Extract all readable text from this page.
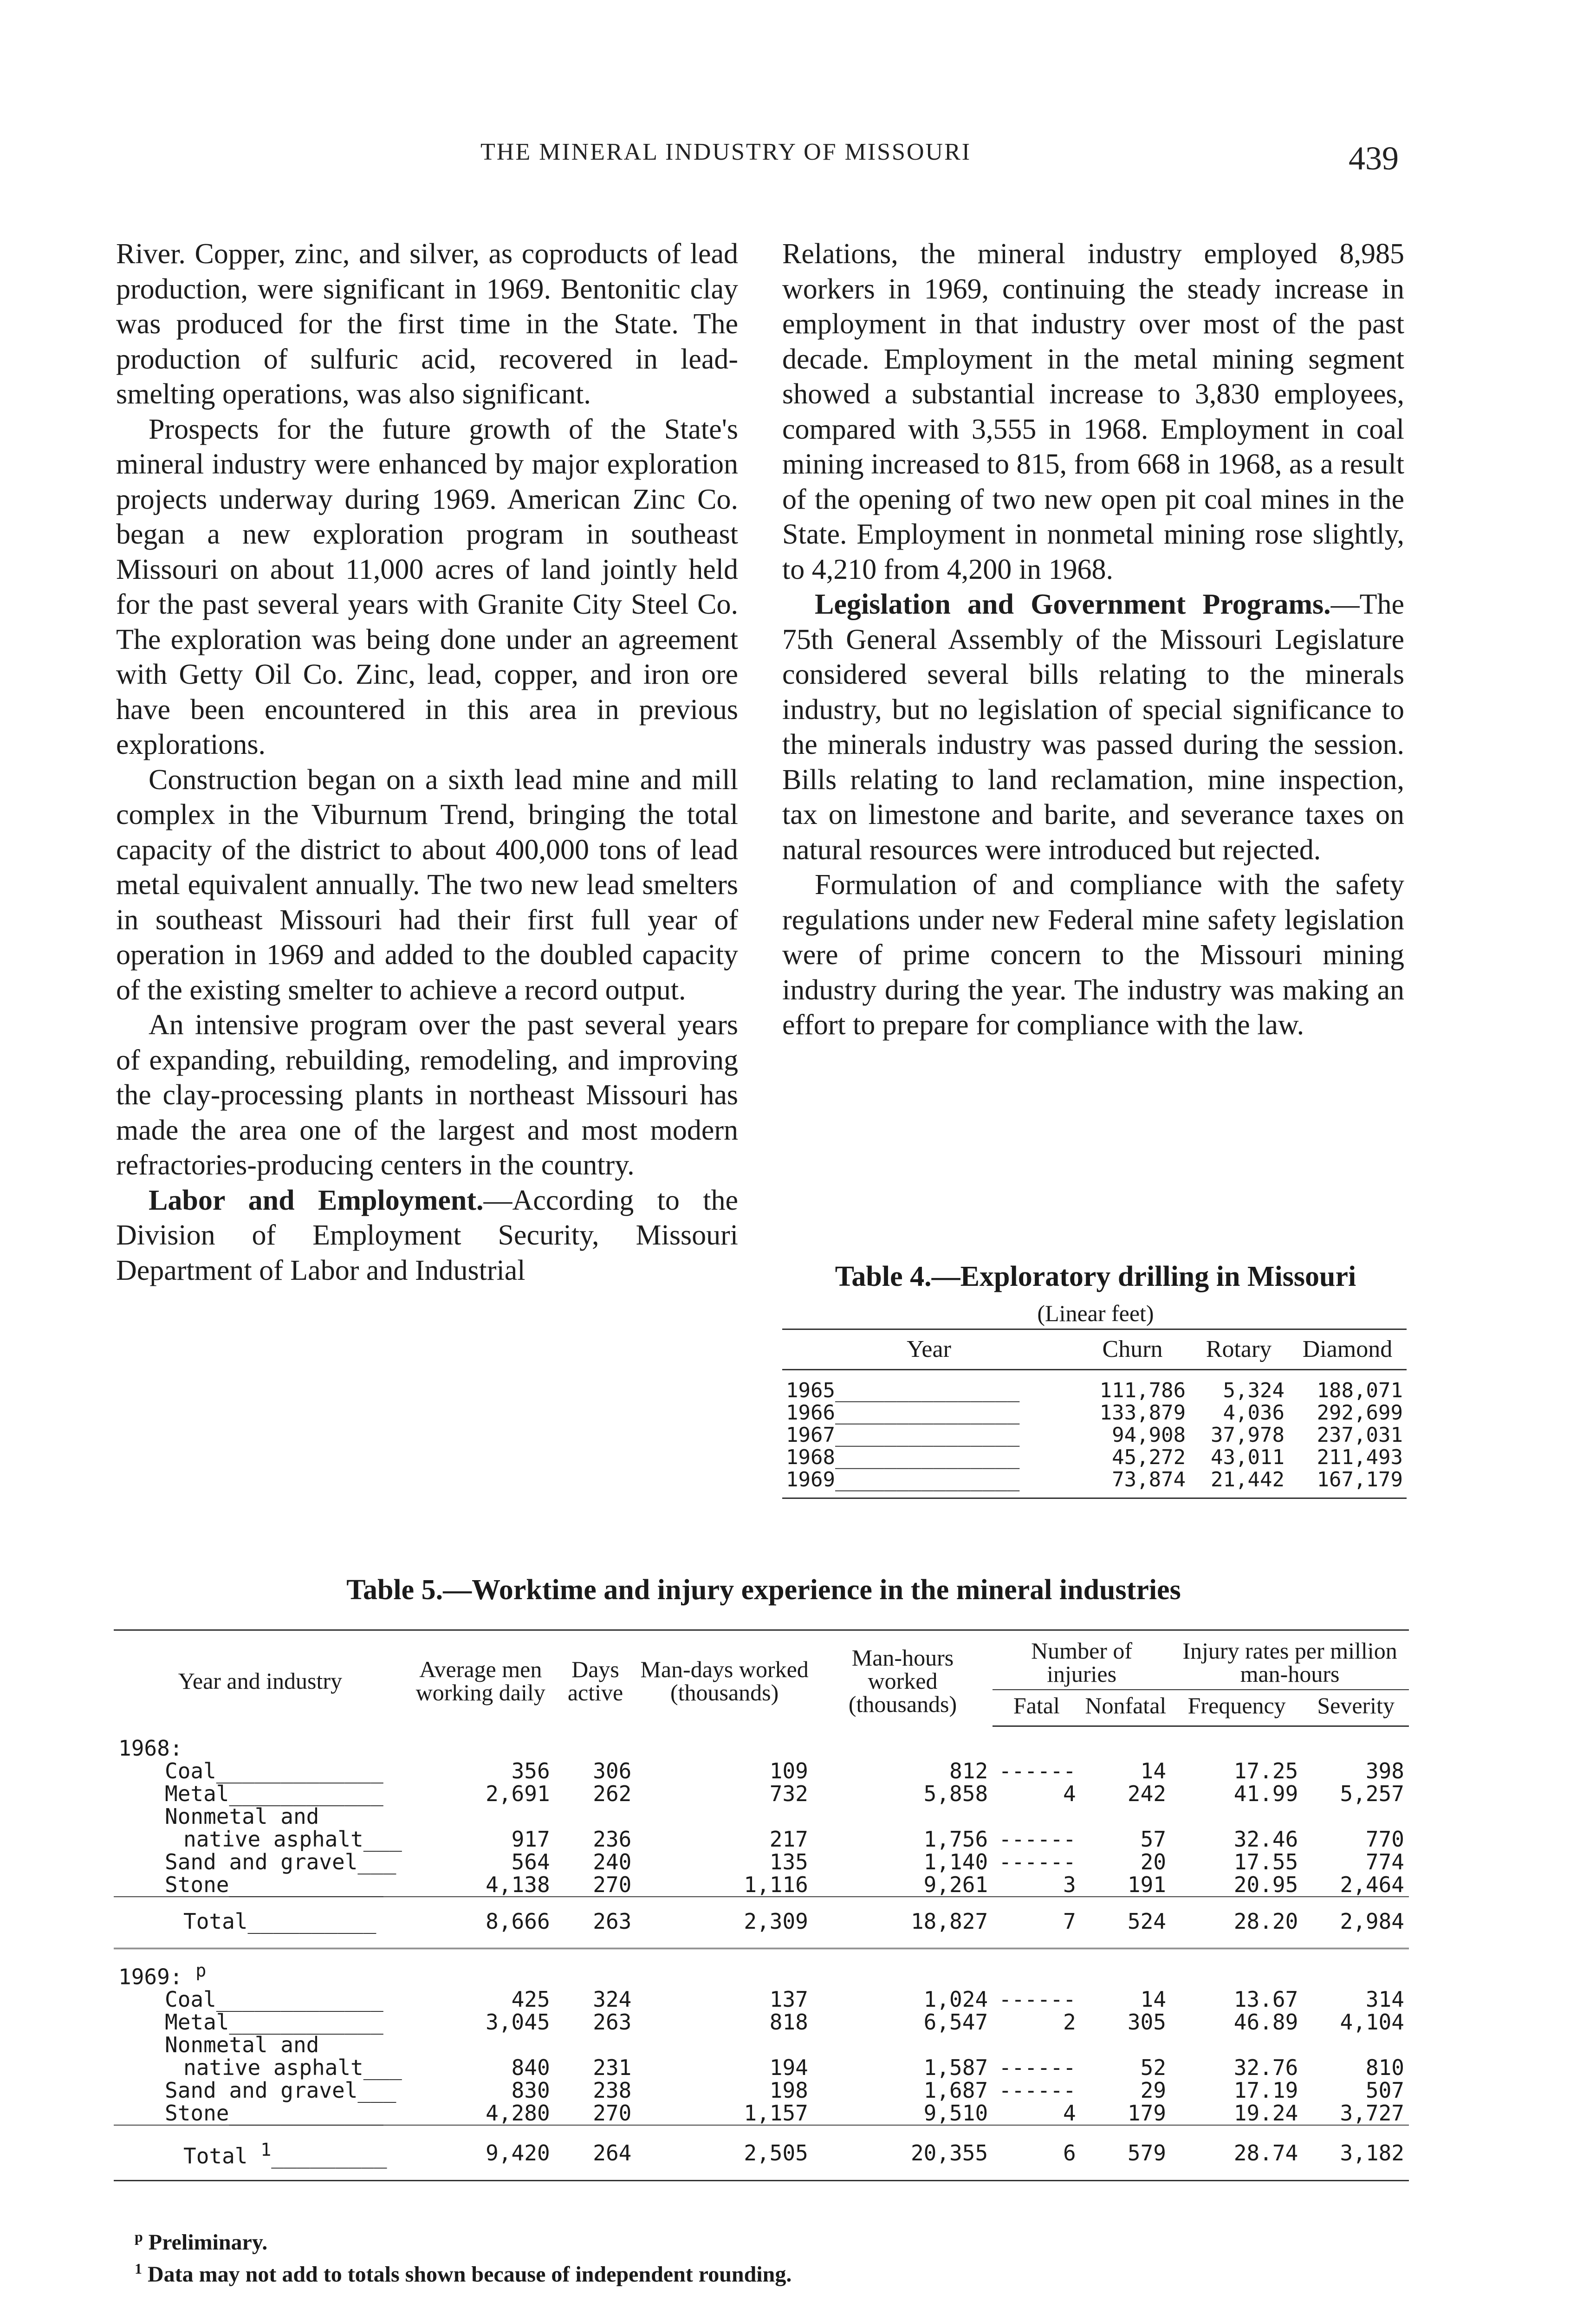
THE MINERAL INDUSTRY OF MISSOURI	439

River. Copper, zinc, and silver, as coproducts of lead production, were significant in 1969. Bentonitic clay was produced for the first time in the State. The production of sulfuric acid, recovered in lead-smelting operations, was also significant.

Prospects for the future growth of the State's mineral industry were enhanced by major exploration projects underway during 1969. American Zinc Co. began a new exploration program in southeast Missouri on about 11,000 acres of land jointly held for the past several years with Granite City Steel Co. The exploration was being done under an agreement with Getty Oil Co. Zinc, lead, copper, and iron ore have been encountered in this area in previous explorations.

Construction began on a sixth lead mine and mill complex in the Viburnum Trend, bringing the total capacity of the district to about 400,000 tons of lead metal equivalent annually. The two new lead smelters in southeast Missouri had their first full year of operation in 1969 and added to the doubled capacity of the existing smelter to achieve a record output.

An intensive program over the past several years of expanding, rebuilding, remodeling, and improving the clay-processing plants in northeast Missouri has made the area one of the largest and most modern refractories-producing centers in the country.

Labor and Employment.—According to the Division of Employment Security, Missouri Department of Labor and Industrial

Relations, the mineral industry employed 8,985 workers in 1969, continuing the steady increase in employment in that industry over most of the past decade. Employment in the metal mining segment showed a substantial increase to 3,830 employees, compared with 3,555 in 1968. Employment in coal mining increased to 815, from 668 in 1968, as a result of the opening of two new open pit coal mines in the State. Employment in nonmetal mining rose slightly, to 4,210 from 4,200 in 1968.

Legislation and Government Programs.—The 75th General Assembly of the Missouri Legislature considered several bills relating to the minerals industry, but no legislation of special significance to the minerals industry was passed during the session. Bills relating to land reclamation, mine inspection, tax on limestone and barite, and severance taxes on natural resources were introduced but rejected.

Formulation of and compliance with the safety regulations under new Federal mine safety legislation were of prime concern to the Missouri mining industry during the year. The industry was making an effort to prepare for compliance with the law.

Table 4.—Exploratory drilling in Missouri
(Linear feet)
Year	Churn	Rotary	Diamond
1965_______________	111,786	5,324	188,071
1966_______________	133,879	4,036	292,699
1967_______________	94,908	37,978	237,031
1968_______________	45,272	43,011	211,493
1969_______________	73,874	21,442	167,179
Table 5.—Worktime and injury experience in the mineral industries
Year and industry	Average men working daily	Days active	Man-days worked (thousands)	Man-hours worked (thousands)	Number of injuries		Injury rates per million man-hours	
					Fatal	Nonfatal	Frequency	Severity
1968:								
Coal_____________	356	306	109	812	------	14	17.25	398
Metal____________	2,691	262	732	5,858	4	242	41.99	5,257
Nonmetal and								
native asphalt___	917	236	217	1,756	------	57	32.46	770
Sand and gravel___	564	240	135	1,140	------	20	17.55	774
Stone____________	4,138	270	1,116	9,261	3	191	20.95	2,464
Total__________	8,666	263	2,309	18,827	7	524	28.20	2,984

1969: $^p$
Coal_____________	425	324	137	1,024	------	14	13.67	314
Metal____________	3,045	263	818	6,547	2	305	46.89	4,104
Nonmetal and								
native asphalt___	840	231	194	1,587	------	52	32.76	810
Sand and gravel___	830	238	198	1,687	------	29	17.19	507
Stone____________	4,280	270	1,157	9,510	4	179	19.24	3,727
Total $^1$_________	9,420	264	2,505	20,355	6	579	28.74	3,182
$^p$ Preliminary.
$^1$ Data may not add to totals shown because of independent rounding.
